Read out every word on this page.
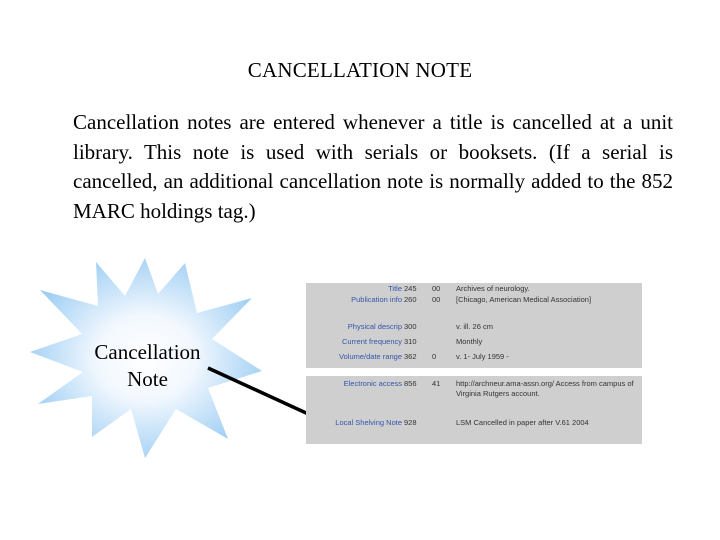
CANCELLATION NOTE
Cancellation notes are entered whenever a title is cancelled at a unit library. This note is used with serials or booksets. (If a serial is cancelled, an additional cancellation note is normally added to the 852 MARC holdings tag.)
Cancellation
Note
Title 245 00 Archives of neurology.
Publication info 260 00 [Chicago, American Medical Association]
Physical descrip 300	v. ill. 26 cm
Current frequency 310	Monthly
Volume/date range 362 0	v. 1- July 1959 -
Electronic access 856 41 http://archneur.ama-assn.org/ Access from campus of Virginia Rutgers account.
Local Shelving Note 928	LSM Cancelled in paper after V.61 2004
